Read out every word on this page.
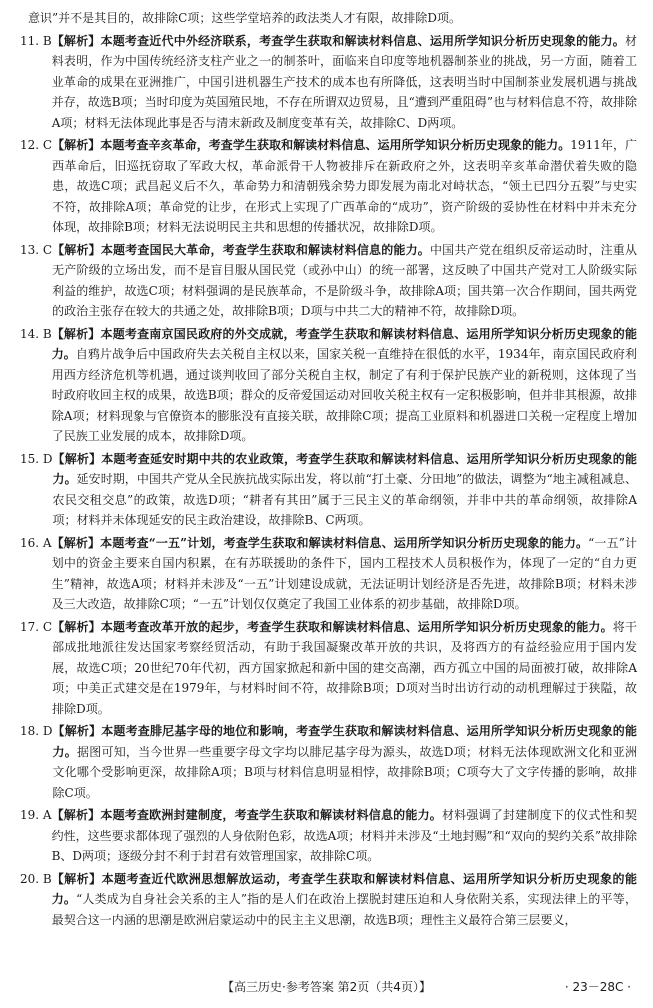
意识”并不是其目的，故排除C项；这些学堂培养的政法类人才有限，故排除D项。
11. B 【解析】本题考查近代中外经济联系，考查学生获取和解读材料信息、运用所学知识分析历史现象的能力。材料表明，作为中国传统经济支柱产业之一的制茶叶，面临来自印度等地机器制茶业的挑战，另一方面，随着工业革命的成果在亚洲推广，中国引进机器生产技术的成本也有所降低，这表明当时中国制茶业发展机遇与挑战并存，故选B项；当时印度为英国殖民地，不存在所谓双边贸易，且“遭到严重阻碍”也与材料信息不符，故排除A项；材料无法体现此事是否与清末新政及制度变革有关，故排除C、D两项。
12. C 【解析】本题考查辛亥革命，考查学生获取和解读材料信息、运用所学知识分析历史现象的能力。1911年，广西革命后，旧巡抚窃取了军政大权，革命派骨干人物被排斥在新政府之外，这表明辛亥革命潜伏着失败的隐患，故选C项；武昌起义后不久，革命势力和清朝残余势力即发展为南北对峙状态，“领土已四分五裂”与史实不符，故排除A项；革命党的让步，在形式上实现了广西革命的“成功”，资产阶级的妥协性在材料中并未充分体现，故排除B项；材料无法说明民主共和思想的传播状况，故排除D项。
13. C 【解析】本题考查国民大革命，考查学生获取和解读材料信息的能力。中国共产党在组织反帝运动时，注重从无产阶级的立场出发，而不是盲目服从国民党（或孙中山）的统一部署，这反映了中国共产党对工人阶级实际利益的维护，故选C项；材料强调的是民族革命，不是阶级斗争，故排除A项；国共第一次合作期间，国共两党的政治主张存在较大的共通之处，故排除B项；D项与中共二大的精神不符，故排除D项。
14. B 【解析】本题考查南京国民政府的外交成就，考查学生获取和解读材料信息、运用所学知识分析历史现象的能力。自鸦片战争后中国政府失去关税自主权以来，国家关税一直维持在很低的水平，1934年，南京国民政府利用西方经济危机等机遇，通过谈判收回了部分关税自主权，制定了有利于保护民族产业的新税则，这体现了当时政府收回主权的成果，故选B项；群众的反帝爱国运动对回收关税主权有一定积极影响，但并非其根源，故排除A项；材料现象与官僚资本的膨胀没有直接关联，故排除C项；提高工业原料和机器进口关税一定程度上增加了民族工业发展的成本，故排除D项。
15. D 【解析】本题考查延安时期中共的农业政策，考查学生获取和解读材料信息、运用所学知识分析历史现象的能力。延安时期，中国共产党从全民族抗战实际出发，将以前“打土豪、分田地”的做法，调整为“地主减租减息、农民交租交息”的政策，故选D项；“耕者有其田”属于三民主义的革命纲领，并非中共的革命纲领，故排除A项；材料并未体现延安的民主政治建设，故排除B、C两项。
16. A 【解析】本题考查“一五”计划，考查学生获取和解读材料信息、运用所学知识分析历史现象的能力。“一五”计划中的资金主要来自国内积累，在有苏联援助的条件下，国内工程技术人员积极作为，体现了一定的“自力更生”精神，故选A项；材料并未涉及“一五”计划建设成就，无法证明计划经济是否先进，故排除B项；材料未涉及三大改造，故排除C项；“一五”计划仅仅奠定了我国工业体系的初步基础，故排除D项。
17. C 【解析】本题考查改革开放的起步，考查学生获取和解读材料信息、运用所学知识分析历史现象的能力。将干部成批地派往发达国家考察经贸活动，有助于我国凝聚改革开放的共识，及将西方的有益经验应用于国内发展，故选C项；20世纪70年代初，西方国家掀起和新中国的建交高潮，西方孤立中国的局面被打破，故排除A项；中美正式建交是在1979年，与材料时间不符，故排除B项；D项对当时出访行动的动机理解过于狭隘，故排除D项。
18. D 【解析】本题考查腓尼基字母的地位和影响，考查学生获取和解读材料信息、运用所学知识分析历史现象的能力。据图可知，当今世界一些重要字母文字均以腓尼基字母为源头，故选D项；材料无法体现欧洲文化和亚洲文化哪个受影响更深，故排除A项；B项与材料信息明显相悖，故排除B项；C项夸大了文字传播的影响，故排除C项。
19. A 【解析】本题考查欧洲封建制度，考查学生获取和解读材料信息的能力。材料强调了封建制度下的仪式性和契约性，这些要求都体现了强烈的人身依附色彩，故选A项；材料并未涉及“土地封赐”和“双向的契约关系”故排除B、D两项；逐级分封不利于封君有效管理国家，故排除C项。
20. B 【解析】本题考查近代欧洲思想解放运动，考查学生获取和解读材料信息、运用所学知识分析历史现象的能力。“人类成为自身社会关系的主人”指的是人们在政治上摆脱封建压迫和人身依附关系，实现法律上的平等，最契合这一内涵的思潮是欧洲启蒙运动中的民主主义思潮，故选B项；理性主义最符合第三层要义，
【高三历史·参考答案 第2页（共4页）】	· 23－28C ·
